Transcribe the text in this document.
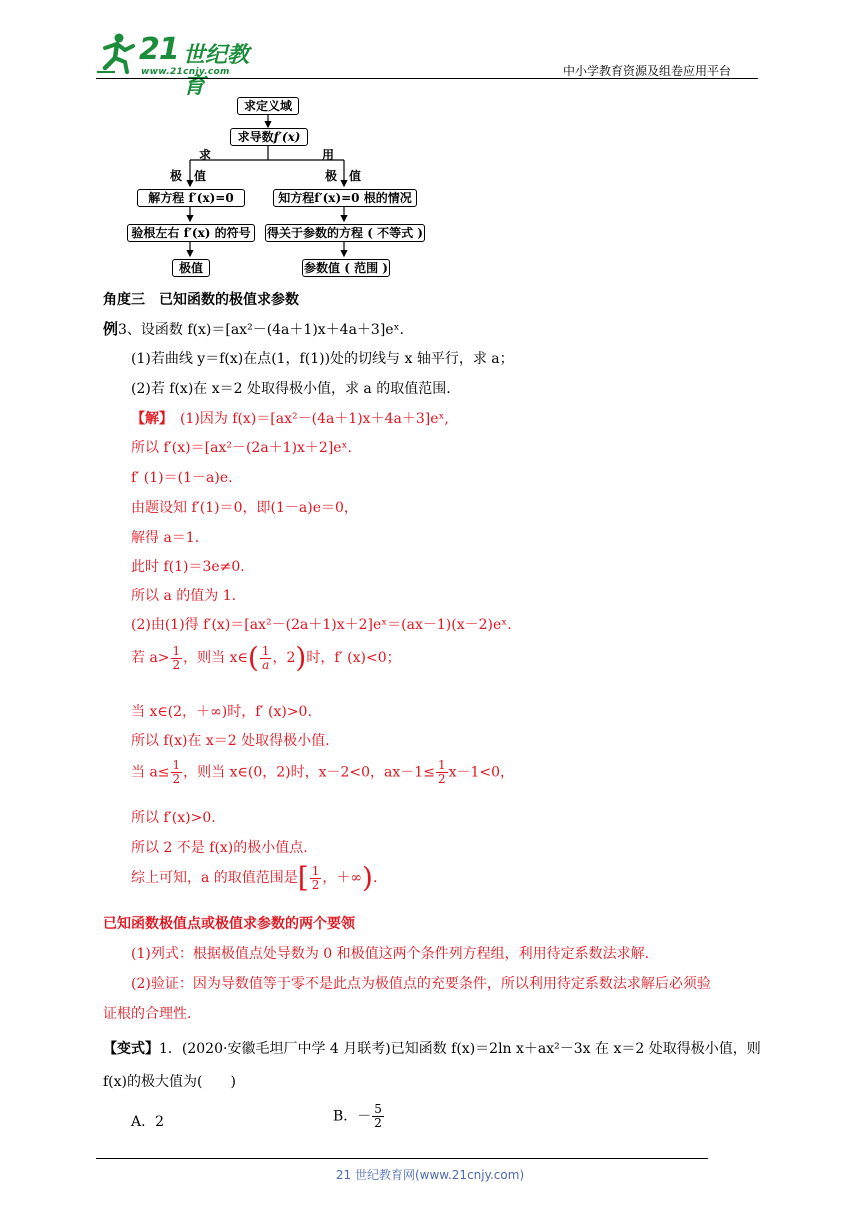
21 世纪教育
www.21cnjy.com	中小学教育资源及组卷应用平台
求定义域
求导数f′(x)
求
极　值
用
极　值
解方程 f′(x)=0
验根左右 f′(x) 的符号
极值
知方程f′(x)=0 根的情况
得关于参数的方程 ( 不等式 )
参数值 ( 范围 )
角度三　已知函数的极值求参数
例3、设函数 f(x)＝[ax²－(4a＋1)x＋4a＋3]eˣ.
(1)若曲线 y＝f(x)在点(1，f(1))处的切线与 x 轴平行，求 a；
(2)若 f(x)在 x＝2 处取得极小值，求 a 的取值范围.
【解】　 (1)因为 f(x)＝[ax²－(4a＋1)x＋4a＋3]eˣ,
所以 f′(x)＝[ax²－(2a＋1)x＋2]eˣ.
f′ (1)＝(1－a)e.
由题设知 f′(1)＝0，即(1－a)e＝0，
解得 a＝1.
此时 f(1)＝3e≠0.
所以 a 的值为 1.
(2)由(1)得 f′(x)＝[ax²－(2a＋1)x＋2]eˣ＝(ax－1)(x－2)eˣ.
若 $a> \frac{1}{2}$ ，则当 x∈( $\frac{1}{a}$ ，2)时，f′ (x)<0；
当 x∈(2，＋∞)时，f′ (x)>0.
所以 f(x)在 x＝2 处取得极小值.
当 $a\le \frac{1}{2}$ ，则当 x∈(0，2)时，x－2<0，$ax-1\le \frac{1}{2} x-1<0$，
所以 f′(x)>0.
所以 2 不是 f(x)的极小值点.
综上可知，a 的取值范围是[ $\frac{1}{2}$ ，＋∞).
已知函数极值点或极值求参数的两个要领
(1)列式：根据极值点处导数为 0 和极值这两个条件列方程组，利用待定系数法求解.
(2)验证：因为导数值等于零不是此点为极值点的充要条件，所以利用待定系数法求解后必须验
证根的合理性.
【变式】1．(2020·安徽毛坦厂中学 4 月联考)已知函数 f(x)＝2ln x＋ax²－3x 在 x＝2 处取得极小值，则
f(x)的极大值为(　　)
A．2	B．－ $\frac{5}{2}$
21 世纪教育网(www.21cnjy.com)
